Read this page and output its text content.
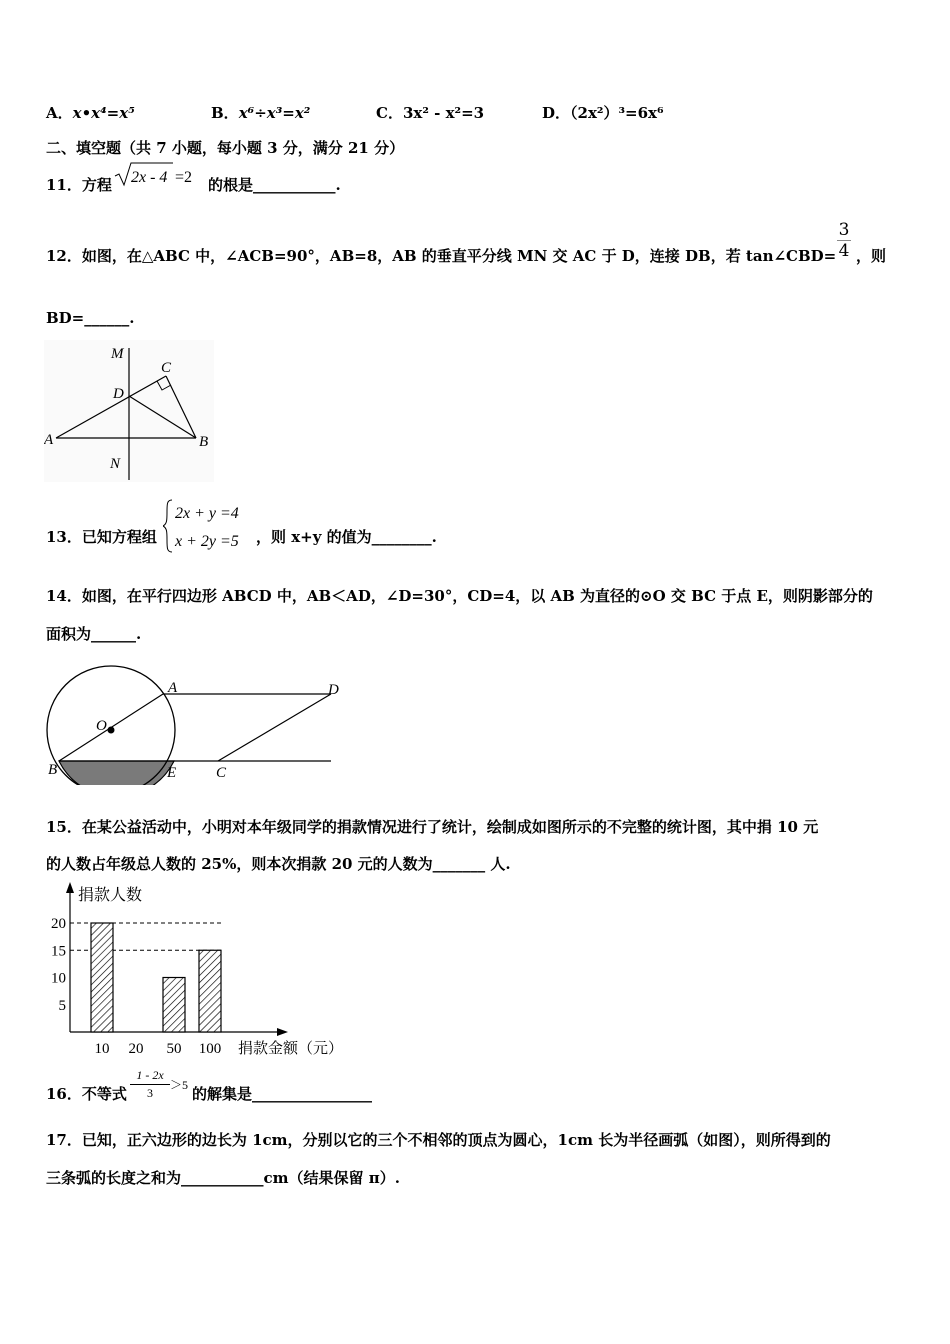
A．x•x⁴=x⁵	B．x⁶÷x³=x²	C．3x² - x²=3	D．（2x²）³=6x⁶
二、填空题（共 7 小题，每小题 3 分，满分 21 分）
11．方程 2x - 4 =2 的根是___________.
12．如图，在△ABC 中，∠ACB=90°，AB=8，AB 的垂直平分线 MN 交 AC 于 D，连接 DB，若 tan∠CBD=
3
4 ，则
BD=______.
M
C
D
A	B
N
13．已知方程组
2x + y =4
x + 2y =5 ，则 x+y 的值为________.
14．如图，在平行四边形 ABCD 中，AB＜AD，∠D=30°，CD=4，以 AB 为直径的⊙O 交 BC 于点 E，则阴影部分的
面积为______.
A	D
O
B	E	C
15．在某公益活动中，小明对本年级同学的捐款情况进行了统计，绘制成如图所示的不完整的统计图，其中捐 10 元
的人数占年级总人数的 25%，则本次捐款 20 元的人数为_______ 人.
捐款人数
捐款金额（元）
5
10
15
20
10 20 50 100
16．不等式
1 - 2x
3
＞5 的解集是________________
17．已知，正六边形的边长为 1cm，分别以它的三个不相邻的顶点为圆心，1cm 长为半径画弧（如图），则所得到的
三条弧的长度之和为___________cm（结果保留 π）.
